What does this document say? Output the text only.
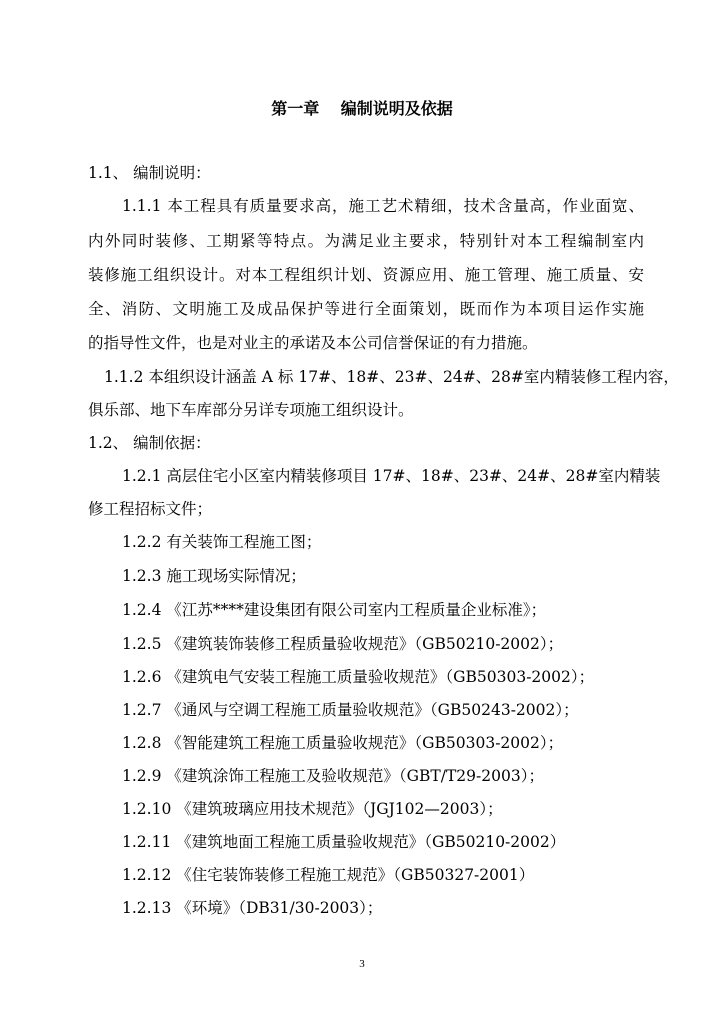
第一章　 编制说明及依据
1.1、 编制说明：
1.1.1 本工程具有质量要求高，施工艺术精细，技术含量高，作业面宽、
内外同时装修、工期紧等特点。为满足业主要求，特别针对本工程编制室内
装修施工组织设计。对本工程组织计划、资源应用、施工管理、施工质量、安
全、消防、文明施工及成品保护等进行全面策划，既而作为本项目运作实施
的指导性文件，也是对业主的承诺及本公司信誉保证的有力措施。
1.1.2 本组织设计涵盖 A 标 17#、18#、23#、24#、28#室内精装修工程内容，
俱乐部、地下车库部分另详专项施工组织设计。
1.2、 编制依据：
1.2.1 高层住宅小区室内精装修项目 17#、18#、23#、24#、28#室内精装
修工程招标文件；
1.2.2 有关装饰工程施工图；
1.2.3 施工现场实际情况；
1.2.4 《江苏****建设集团有限公司室内工程质量企业标准》；
1.2.5 《建筑装饰装修工程质量验收规范》（GB50210-2002）；
1.2.6 《建筑电气安装工程施工质量验收规范》（GB50303-2002）；
1.2.7 《通风与空调工程施工质量验收规范》（GB50243-2002）；
1.2.8 《智能建筑工程施工质量验收规范》（GB50303-2002）；
1.2.9 《建筑涂饰工程施工及验收规范》（GBT/T29-2003）；
1.2.10 《建筑玻璃应用技术规范》（JGJ102—2003）；
1.2.11 《建筑地面工程施工质量验收规范》（GB50210-2002）
1.2.12 《住宅装饰装修工程施工规范》（GB50327-2001）
1.2.13 《环境》（DB31/30-2003）；
3
